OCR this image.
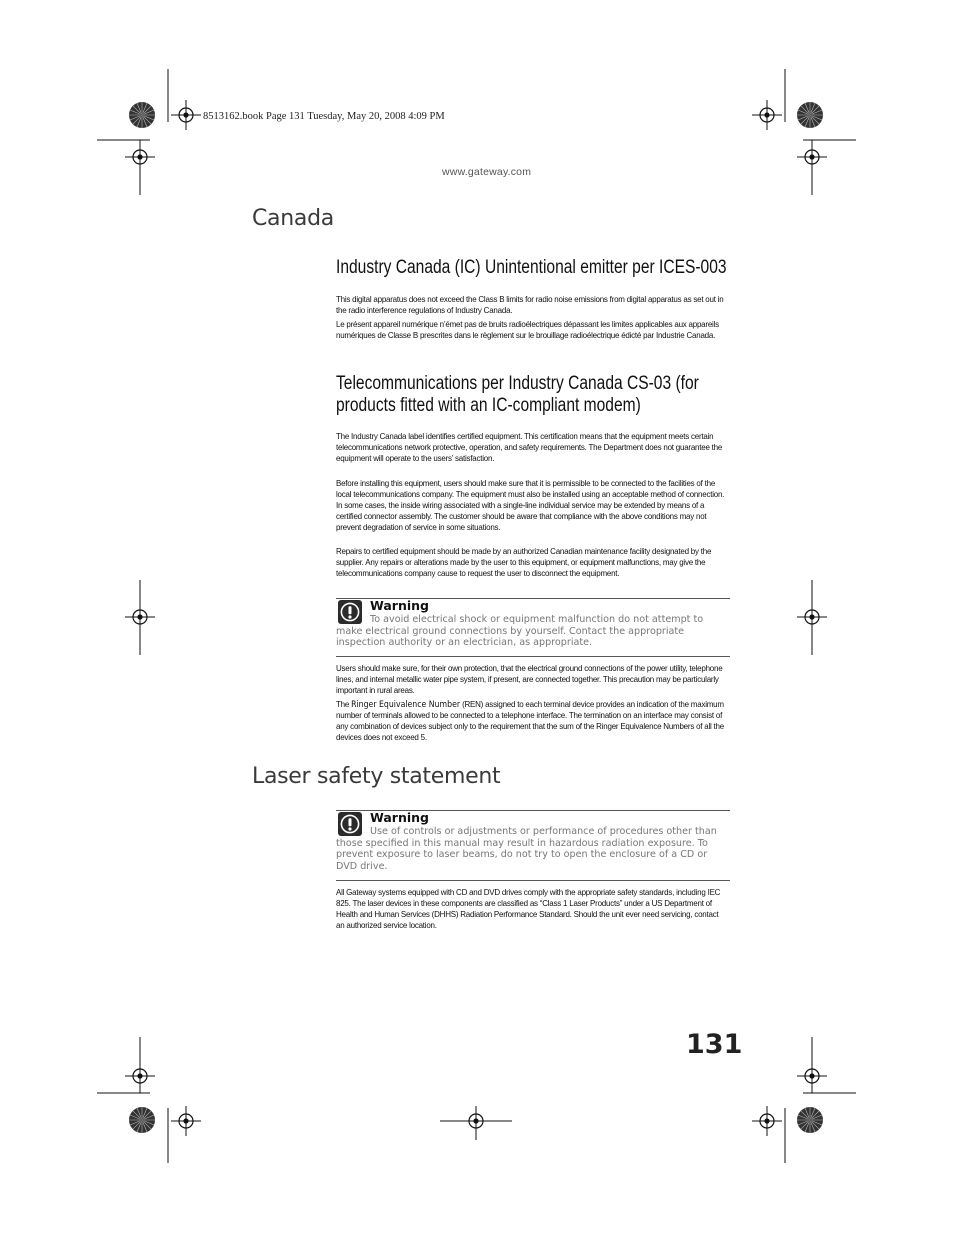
8513162.book Page 131 Tuesday, May 20, 2008 4:09 PM
www.gateway.com
Canada
Industry Canada (IC) Unintentional emitter per ICES-003

This digital apparatus does not exceed the Class B limits for radio noise emissions from digital apparatus as set out in the radio interference regulations of Industry Canada.

Le présent appareil numérique n’émet pas de bruits radioélectriques dépassant les limites applicables aux appareils numériques de Classe B prescrites dans le règlement sur le brouillage radioélectrique édicté par Industrie Canada.

Telecommunications per Industry Canada CS-03 (for products fitted with an IC-compliant modem)

The Industry Canada label identifies certified equipment. This certification means that the equipment meets certain telecommunications network protective, operation, and safety requirements. The Department does not guarantee the equipment will operate to the users’ satisfaction.

Before installing this equipment, users should make sure that it is permissible to be connected to the facilities of the local telecommunications company. The equipment must also be installed using an acceptable method of connection. In some cases, the inside wiring associated with a single-line individual service may be extended by means of a certified connector assembly. The customer should be aware that compliance with the above conditions may not prevent degradation of service in some situations.

Repairs to certified equipment should be made by an authorized Canadian maintenance facility designated by the supplier. Any repairs or alterations made by the user to this equipment, or equipment malfunctions, may give the telecommunications company cause to request the user to disconnect the equipment.

Warning

To avoid electrical shock or equipment malfunction do not attempt to make electrical ground connections by yourself. Contact the appropriate inspection authority or an electrician, as appropriate.

Users should make sure, for their own protection, that the electrical ground connections of the power utility, telephone lines, and internal metallic water pipe system, if present, are connected together. This precaution may be particularly important in rural areas.

The Ringer Equivalence Number (REN) assigned to each terminal device provides an indication of the maximum number of terminals allowed to be connected to a telephone interface. The termination on an interface may consist of any combination of devices subject only to the requirement that the sum of the Ringer Equivalence Numbers of all the devices does not exceed 5.

Laser safety statement
Warning

Use of controls or adjustments or performance of procedures other than those specified in this manual may result in hazardous radiation exposure. To prevent exposure to laser beams, do not try to open the enclosure of a CD or DVD drive.

All Gateway systems equipped with CD and DVD drives comply with the appropriate safety standards, including IEC 825. The laser devices in these components are classified as “Class 1 Laser Products” under a US Department of Health and Human Services (DHHS) Radiation Performance Standard. Should the unit ever need servicing, contact an authorized service location.

131
